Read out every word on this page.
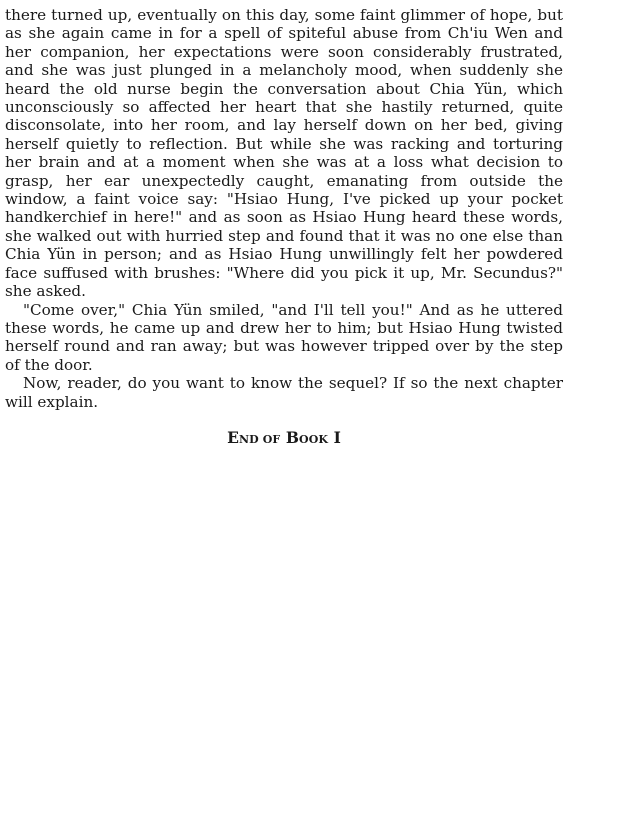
there turned up, eventually on this day, some faint glimmer of hope, but as she again came in for a spell of spiteful abuse from Ch'iu Wen and her companion, her expectations were soon considerably frustrated, and she was just plunged in a melancholy mood, when suddenly she heard the old nurse begin the conversation about Chia Yün, which unconsciously so affected her heart that she hastily returned, quite disconsolate, into her room, and lay herself down on her bed, giving herself quietly to reflection. But while she was racking and torturing her brain and at a moment when she was at a loss what decision to grasp, her ear unexpectedly caught, emanating from outside the window, a faint voice say: "Hsiao Hung, I've picked up your pocket handkerchief in here!" and as soon as Hsiao Hung heard these words, she walked out with hurried step and found that it was no one else than Chia Yün in person; and as Hsiao Hung unwillingly felt her powdered face suffused with brushes: "Where did you pick it up, Mr. Secundus?" she asked.

"Come over," Chia Yün smiled, "and I'll tell you!" And as he uttered these words, he came up and drew her to him; but Hsiao Hung twisted herself round and ran away; but was however tripped over by the step of the door.

Now, reader, do you want to know the sequel? If so the next chapter will explain.

END OF BOOK I
